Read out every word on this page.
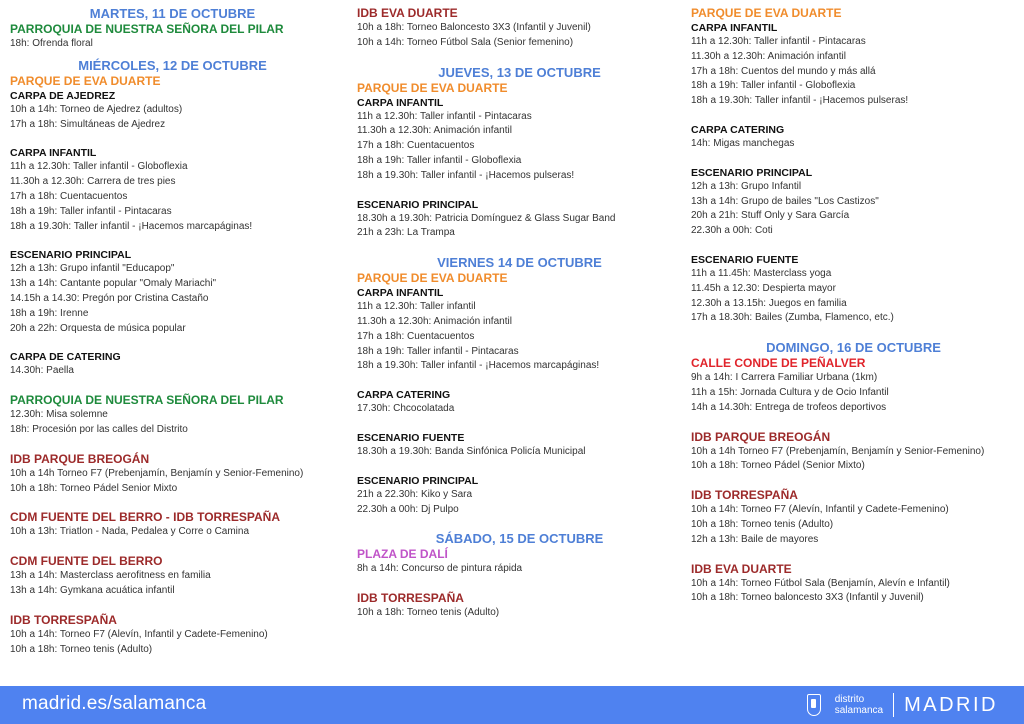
MARTES, 11 DE OCTUBRE
PARROQUIA DE NUESTRA SEÑORA DEL PILAR
18h: Ofrenda floral
MIÉRCOLES, 12 DE OCTUBRE
PARQUE DE EVA DUARTE
CARPA DE AJEDREZ
10h a 14h: Torneo de Ajedrez (adultos)
17h a 18h: Simultáneas de Ajedrez
CARPA INFANTIL
11h a 12.30h: Taller infantil - Globoflexia
11.30h a 12.30h: Carrera de tres pies
17h a 18h: Cuentacuentos
18h a 19h: Taller infantil - Pintacaras
18h a 19.30h: Taller infantil - ¡Hacemos marcapáginas!
ESCENARIO PRINCIPAL
12h a 13h: Grupo infantil "Educapop"
13h a 14h: Cantante popular "Omaly Mariachi"
14.15h a 14.30: Pregón por Cristina Castaño
18h a 19h: Irenne
20h a 22h: Orquesta de música popular
CARPA DE CATERING
14.30h: Paella
PARROQUIA DE NUESTRA SEÑORA DEL PILAR
12.30h: Misa solemne
18h: Procesión por las calles del Distrito
IDB PARQUE BREOGÁN
10h a 14h Torneo F7 (Prebenjamín, Benjamín y Senior-Femenino)
10h a 18h: Torneo Pádel Senior Mixto
CDM FUENTE DEL BERRO - IDB TORRESPAÑA
10h a 13h: Triatlon - Nada, Pedalea y Corre o Camina
CDM FUENTE DEL BERRO
13h a 14h: Masterclass aerofitness en familia
13h a 14h: Gymkana acuática infantil
IDB TORRESPAÑA
10h a 14h: Torneo F7 (Alevín, Infantil y Cadete-Femenino)
10h a 18h: Torneo tenis (Adulto)
IDB EVA DUARTE
10h a 18h: Torneo Baloncesto 3X3 (Infantil y Juvenil)
10h a 14h: Torneo Fútbol Sala (Senior femenino)
JUEVES, 13 DE OCTUBRE
PARQUE DE EVA DUARTE
CARPA INFANTIL
11h a 12.30h: Taller infantil - Pintacaras
11.30h a 12.30h: Animación infantil
17h a 18h: Cuentacuentos
18h a 19h: Taller infantil - Globoflexia
18h a 19.30h: Taller infantil - ¡Hacemos pulseras!
ESCENARIO PRINCIPAL
18.30h a 19.30h: Patricia Domínguez & Glass Sugar Band
21h a 23h: La Trampa
VIERNES 14 DE OCTUBRE
PARQUE DE EVA DUARTE
CARPA INFANTIL
11h a 12.30h: Taller infantil
11.30h a 12.30h: Animación infantil
17h a 18h: Cuentacuentos
18h a 19h: Taller infantil - Pintacaras
18h a 19.30h: Taller infantil - ¡Hacemos marcapáginas!
CARPA CATERING
17.30h: Chcocolatada
ESCENARIO FUENTE
18.30h a 19.30h: Banda Sinfónica Policía Municipal
ESCENARIO PRINCIPAL
21h a 22.30h: Kiko y Sara
22.30h a 00h: Dj Pulpo
SÁBADO, 15 DE OCTUBRE
PLAZA DE DALÍ
8h a 14h: Concurso de pintura rápida
IDB TORRESPAÑA
10h a 18h: Torneo tenis (Adulto)
PARQUE DE EVA DUARTE
CARPA INFANTIL
11h a 12.30h: Taller infantil - Pintacaras
11.30h a 12.30h: Animación infantil
17h a 18h: Cuentos del mundo y más allá
18h a 19h: Taller infantil - Globoflexia
18h a 19.30h: Taller infantil - ¡Hacemos pulseras!
CARPA CATERING
14h: Migas manchegas
ESCENARIO PRINCIPAL
12h a 13h: Grupo Infantil
13h a 14h: Grupo de bailes "Los Castizos"
20h a 21h: Stuff Only y Sara García
22.30h a 00h: Coti
ESCENARIO FUENTE
11h a 11.45h: Masterclass yoga
11.45h a 12.30: Despierta mayor
12.30h a 13.15h: Juegos en familia
17h a 18.30h: Bailes (Zumba, Flamenco, etc.)
DOMINGO, 16 DE OCTUBRE
CALLE CONDE DE PEÑALVER
9h a 14h: I Carrera Familiar Urbana (1km)
11h a 15h: Jornada Cultura y de Ocio Infantil
14h a 14.30h: Entrega de trofeos deportivos
IDB PARQUE BREOGÁN
10h a 14h Torneo F7 (Prebenjamín, Benjamín y Senior-Femenino)
10h a 18h: Torneo Pádel (Senior Mixto)
IDB TORRESPAÑA
10h a 14h: Torneo F7 (Alevín, Infantil y Cadete-Femenino)
10h a 18h: Torneo tenis (Adulto)
12h a 13h: Baile de mayores
IDB EVA DUARTE
10h a 14h: Torneo Fútbol Sala (Benjamín, Alevín e Infantil)
10h a 18h: Torneo baloncesto 3X3 (Infantil y Juvenil)
madrid.es/salamanca	distrito
salamanca MADRID
